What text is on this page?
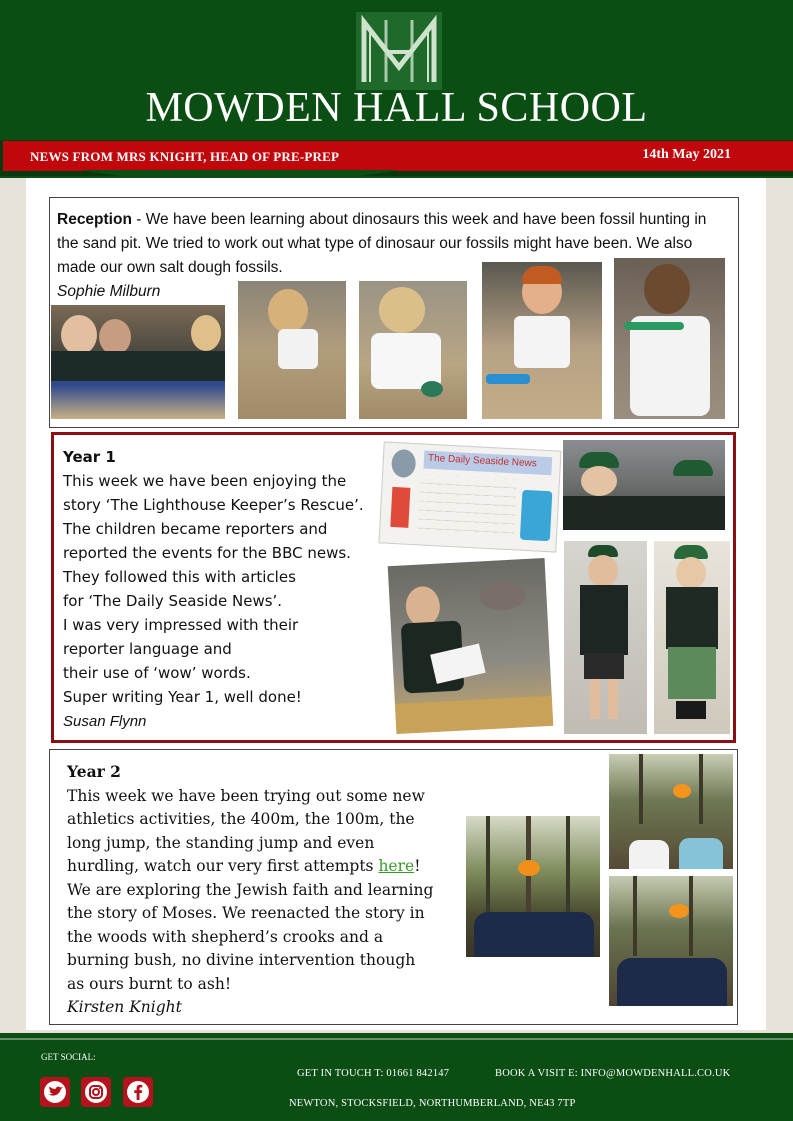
MOWDEN HALL SCHOOL
NEWS FROM MRS KNIGHT, HEAD OF PRE-PREP	14th May 2021
Reception - We have been learning about dinosaurs this week and have been fossil hunting in the sand pit. We tried to work out what type of dinosaur our fossils might have been. We also made our own salt dough fossils.
Sophie Milburn
Year 1
This week we have been enjoying the
story ‘The Lighthouse Keeper’s Rescue’.
The children became reporters and
reported the events for the BBC news.
They followed this with articles
for ‘The Daily Seaside News’.
I was very impressed with their
reporter language and
their use of ‘wow’ words.
Super writing Year 1, well done!
Susan Flynn
The Daily Seaside News
Year 2
This week we have been trying out some new athletics activities, the 400m, the 100m, the long jump, the standing jump and even hurdling, watch our very first attempts here! We are exploring the Jewish faith and learning the story of Moses. We reenacted the story in the woods with shepherd’s crooks and a burning bush, no divine intervention though as ours burnt to ash!
Kirsten Knight
GET SOCIAL:
GET IN TOUCH T: 01661 842147	BOOK A VISIT E: INFO@MOWDENHALL.CO.UK
NEWTON, STOCKSFIELD, NORTHUMBERLAND, NE43 7TP
